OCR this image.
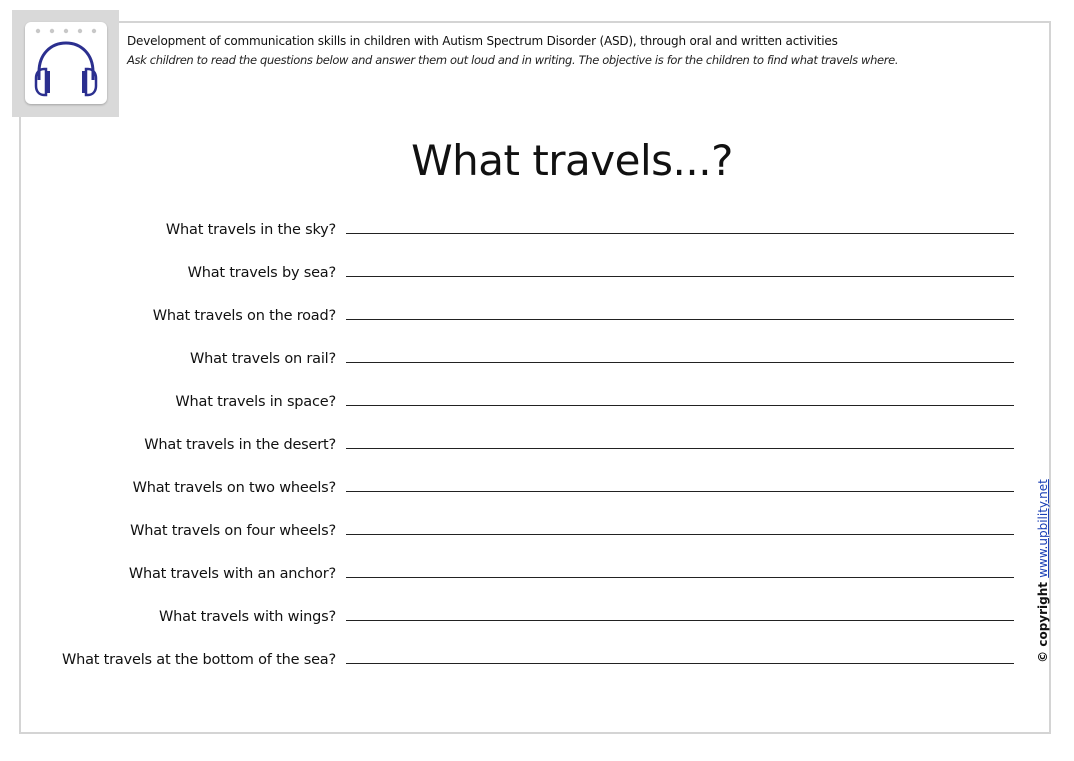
Development of communication skills in children with Autism Spectrum Disorder (ASD), through oral and written activities
Ask children to read the questions below and answer them out loud and in writing. The objective is for the children to find what travels where.
What travels...?
What travels in the sky?
What travels by sea?
What travels on the road?
What travels on rail?
What travels in space?
What travels in the desert?
What travels on two wheels?
What travels on four wheels?
What travels with an anchor?
What travels with wings?
What travels at the bottom of the sea?	© copyright www.upbility.net
